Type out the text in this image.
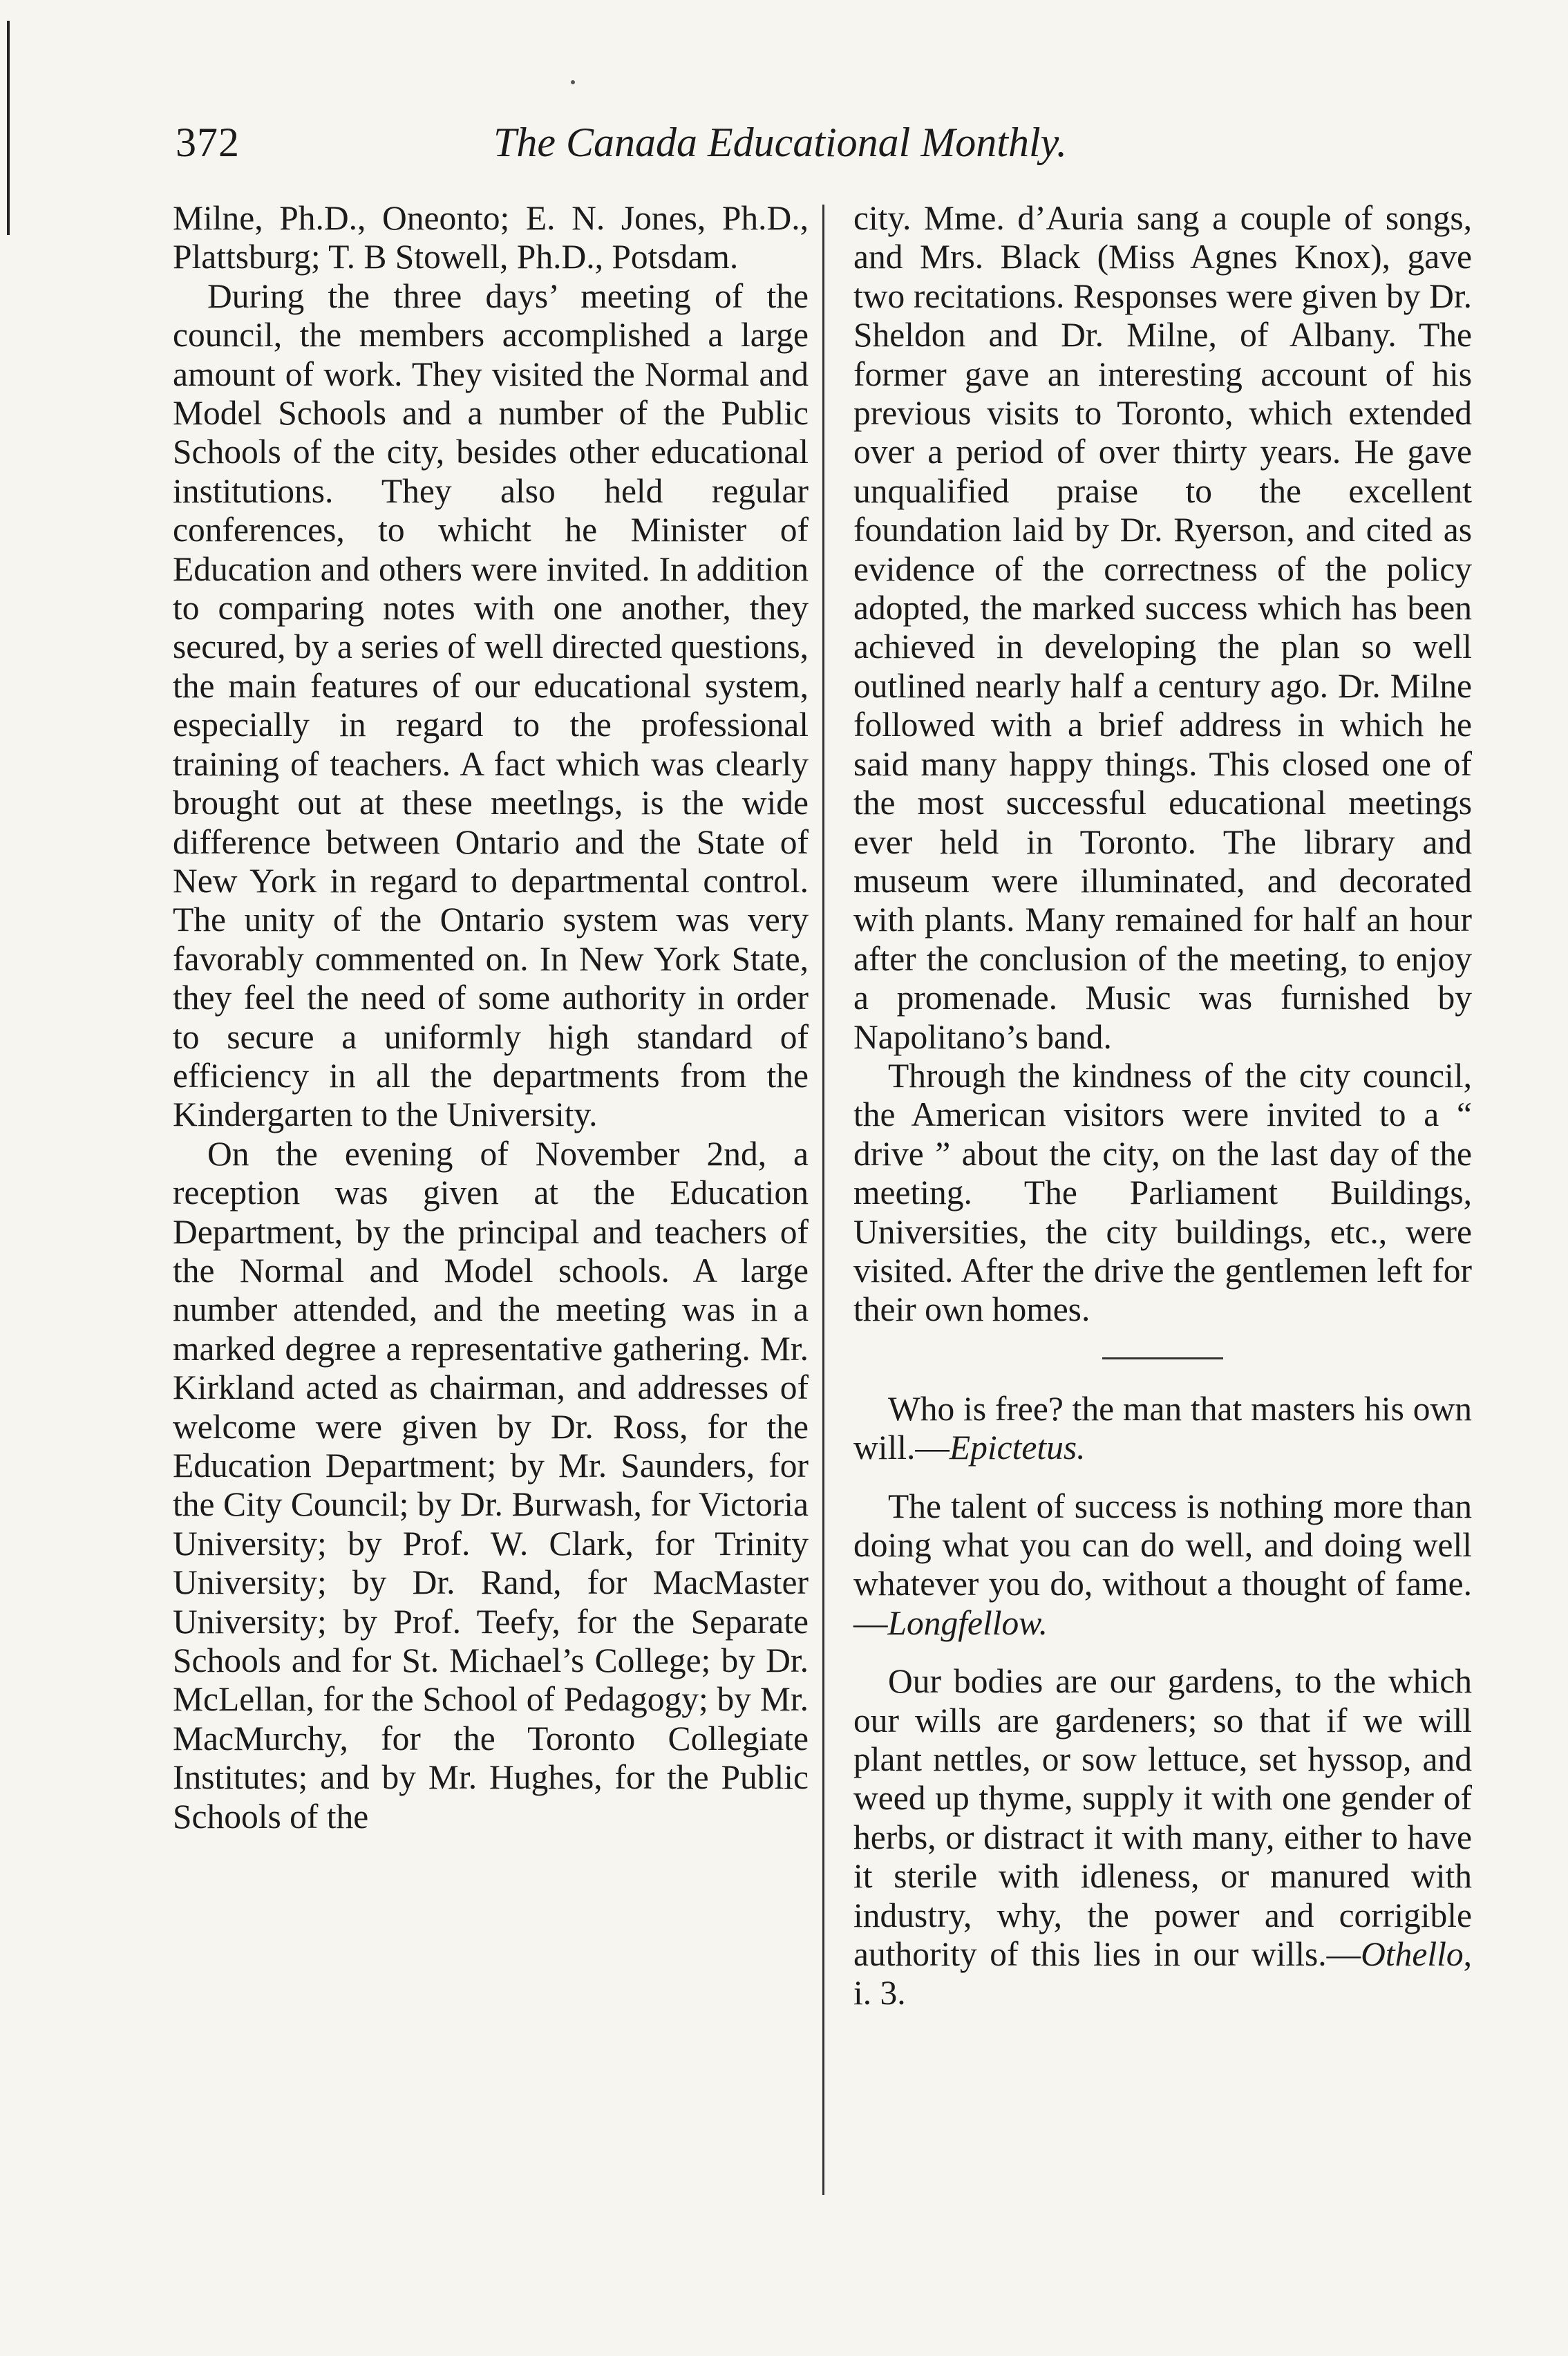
372	The Canada Educational Monthly.

Milne, Ph.D., Oneonto; E. N. Jones, Ph.D., Plattsburg; T. B Stowell, Ph.D., Potsdam.

During the three days’ meeting of the council, the members accomplished a large amount of work. They visited the Normal and Model Schools and a number of the Public Schools of the city, besides other educational institutions. They also held regular conferences, to whicht he Minister of Education and others were invited. In addition to comparing notes with one another, they secured, by a series of well directed questions, the main features of our educational system, especially in regard to the professional training of teachers. A fact which was clearly brought out at these meetlngs, is the wide difference between Ontario and the State of New York in regard to departmental control. The unity of the Ontario system was very favorably commented on. In New York State, they feel the need of some authority in order to secure a uniformly high standard of efficiency in all the departments from the Kindergarten to the University.

On the evening of November 2nd, a reception was given at the Education Department, by the principal and teachers of the Normal and Model schools. A large number attended, and the meeting was in a marked degree a representative gathering. Mr. Kirkland acted as chairman, and addresses of welcome were given by Dr. Ross, for the Education Department; by Mr. Saunders, for the City Council; by Dr. Burwash, for Victoria University; by Prof. W. Clark, for Trinity University; by Dr. Rand, for MacMaster University; by Prof. Teefy, for the Separate Schools and for St. Michael’s College; by Dr. McLellan, for the School of Pedagogy; by Mr. MacMurchy, for the Toronto Collegiate Institutes; and by Mr. Hughes, for the Public Schools of the

city. Mme. d’Auria sang a couple of songs, and Mrs. Black (Miss Agnes Knox), gave two recitations. Responses were given by Dr. Sheldon and Dr. Milne, of Albany. The former gave an interesting account of his previous visits to Toronto, which extended over a period of over thirty years. He gave unqualified praise to the excellent foundation laid by Dr. Ryerson, and cited as evidence of the correctness of the policy adopted, the marked success which has been achieved in developing the plan so well outlined nearly half a century ago. Dr. Milne followed with a brief address in which he said many happy things. This closed one of the most successful educational meetings ever held in Toronto. The library and museum were illuminated, and decorated with plants. Many remained for half an hour after the conclusion of the meeting, to enjoy a promenade. Music was furnished by Napolitano’s band.

Through the kindness of the city council, the American visitors were invited to a “ drive ” about the city, on the last day of the meeting. The Parliament Buildings, Universities, the city buildings, etc., were visited. After the drive the gentlemen left for their own homes.

Who is free? the man that masters his own will.—Epictetus.

The talent of success is nothing more than doing what you can do well, and doing well whatever you do, without a thought of fame.—Longfellow.

Our bodies are our gardens, to the which our wills are gardeners; so that if we will plant nettles, or sow lettuce, set hyssop, and weed up thyme, supply it with one gender of herbs, or distract it with many, either to have it sterile with idleness, or manured with industry, why, the power and corrigible authority of this lies in our wills.—Othello, i. 3.
